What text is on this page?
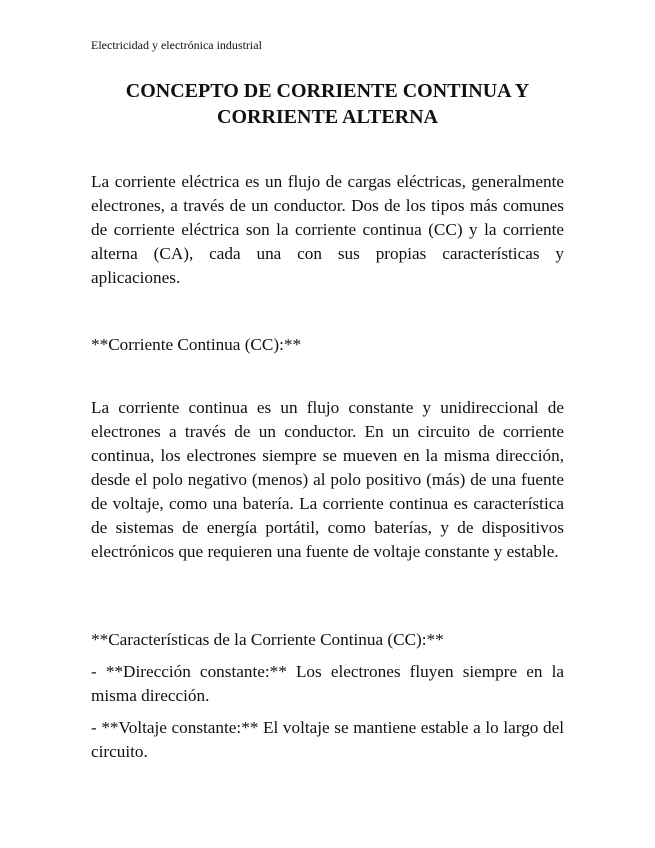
Electricidad y electrónica industrial
CONCEPTO DE CORRIENTE CONTINUA Y CORRIENTE ALTERNA

La corriente eléctrica es un flujo de cargas eléctricas, generalmente electrones, a través de un conductor. Dos de los tipos más comunes de corriente eléctrica son la corriente continua (CC) y la corriente alterna (CA), cada una con sus propias características y aplicaciones.

**Corriente Continua (CC):**

La corriente continua es un flujo constante y unidireccional de electrones a través de un conductor. En un circuito de corriente continua, los electrones siempre se mueven en la misma dirección, desde el polo negativo (menos) al polo positivo (más) de una fuente de voltaje, como una batería. La corriente continua es característica de sistemas de energía portátil, como baterías, y de dispositivos electrónicos que requieren una fuente de voltaje constante y estable.

**Características de la Corriente Continua (CC):**

- **Dirección constante:** Los electrones fluyen siempre en la misma dirección.

- **Voltaje constante:** El voltaje se mantiene estable a lo largo del circuito.
